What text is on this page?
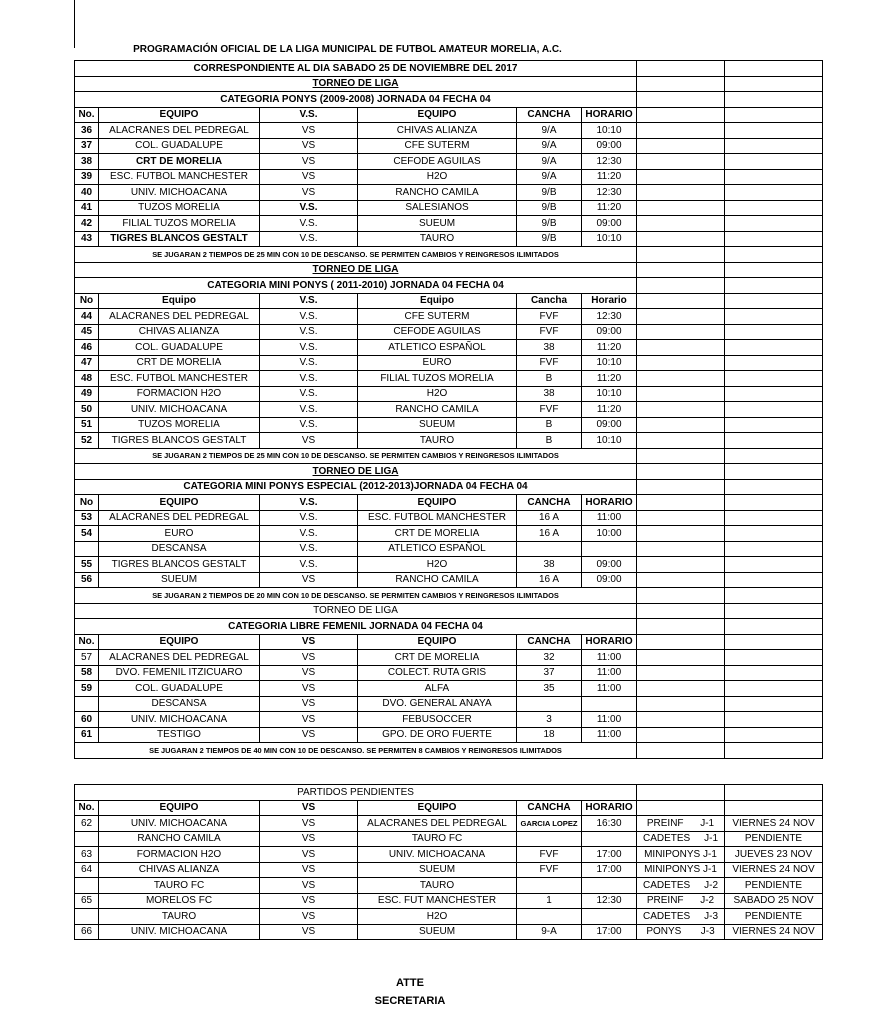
PROGRAMACIÓN OFICIAL DE LA LIGA MUNICIPAL DE FUTBOL AMATEUR MORELIA, A.C.
CORRESPONDIENTE AL DIA SABADO 25 DE NOVIEMBRE DEL 2017							
TORNEO DE LIGA							
CATEGORIA PONYS (2009-2008) JORNADA 04 FECHA 04							
No.	EQUIPO	V.S.	EQUIPO	CANCHA	HORARIO		
36	ALACRANES DEL PEDREGAL	VS	CHIVAS ALIANZA	9/A	10:10		
37	COL. GUADALUPE	VS	CFE SUTERM	9/A	09:00		
38	CRT DE MORELIA	VS	CEFODE AGUILAS	9/A	12:30		
39	ESC. FUTBOL MANCHESTER	VS	H2O	9/A	11:20		
40	UNIV. MICHOACANA	VS	RANCHO CAMILA	9/B	12:30		
41	TUZOS MORELIA	V.S.	SALESIANOS	9/B	11:20		
42	FILIAL TUZOS MORELIA	V.S.	SUEUM	9/B	09:00		
43	TIGRES BLANCOS GESTALT	V.S.	TAURO	9/B	10:10		
SE JUGARAN 2 TIEMPOS DE 25 MIN CON 10 DE DESCANSO. SE PERMITEN CAMBIOS Y REINGRESOS ILIMITADOS							
TORNEO DE LIGA							
CATEGORIA MINI PONYS ( 2011-2010) JORNADA 04 FECHA 04							
No	Equipo	V.S.	Equipo	Cancha	Horario		
44	ALACRANES DEL PEDREGAL	V.S.	CFE SUTERM	FVF	12:30		
45	CHIVAS ALIANZA	V.S.	CEFODE AGUILAS	FVF	09:00		
46	COL. GUADALUPE	V.S.	ATLETICO ESPAÑOL	38	11:20		
47	CRT DE MORELIA	V.S.	EURO	FVF	10:10		
48	ESC. FUTBOL MANCHESTER	V.S.	FILIAL TUZOS MORELIA	B	11:20		
49	FORMACION H2O	V.S.	H2O	38	10:10		
50	UNIV. MICHOACANA	V.S.	RANCHO CAMILA	FVF	11:20		
51	TUZOS MORELIA	V.S.	SUEUM	B	09:00		
52	TIGRES BLANCOS GESTALT	VS	TAURO	B	10:10		
SE JUGARAN 2 TIEMPOS DE 25 MIN CON 10 DE DESCANSO. SE PERMITEN CAMBIOS Y REINGRESOS ILIMITADOS							
TORNEO DE LIGA							
CATEGORIA MINI PONYS ESPECIAL (2012-2013)JORNADA 04 FECHA 04							
No	EQUIPO	V.S.	EQUIPO	CANCHA	HORARIO		
53	ALACRANES DEL PEDREGAL	V.S.	ESC. FUTBOL MANCHESTER	16 A	11:00		
54	EURO	V.S.	CRT DE MORELIA	16 A	10:00		
	DESCANSA	V.S.	ATLETICO ESPAÑOL				
55	TIGRES BLANCOS GESTALT	V.S.	H2O	38	09:00		
56	SUEUM	VS	RANCHO CAMILA	16 A	09:00		
SE JUGARAN 2 TIEMPOS DE 20 MIN CON 10 DE DESCANSO. SE PERMITEN CAMBIOS Y REINGRESOS ILIMITADOS							
TORNEO DE LIGA							
CATEGORIA LIBRE FEMENIL JORNADA 04 FECHA 04							
No.	EQUIPO	VS	EQUIPO	CANCHA	HORARIO		
57	ALACRANES DEL PEDREGAL	VS	CRT DE MORELIA	32	11:00		
58	DVO. FEMENIL ITZICUARO	VS	COLECT. RUTA GRIS	37	11:00		
59	COL. GUADALUPE	VS	ALFA	35	11:00		
	DESCANSA	VS	DVO. GENERAL ANAYA				
60	UNIV. MICHOACANA	VS	FEBUSOCCER	3	11:00		
61	TESTIGO	VS	GPO. DE ORO FUERTE	18	11:00		
SE JUGARAN 2 TIEMPOS DE 40 MIN CON 10 DE DESCANSO. SE PERMITEN 8 CAMBIOS Y REINGRESOS ILIMITADOS							
PARTIDOS PENDIENTES							
No.	EQUIPO	VS	EQUIPO	CANCHA	HORARIO		
62	UNIV. MICHOACANA	VS	ALACRANES DEL PEDREGAL	GARCIA LOPEZ	16:30	PREINF      J-1	VIERNES 24 NOV
	RANCHO CAMILA	VS	TAURO FC			CADETES     J-1	PENDIENTE
63	FORMACION H2O	VS	UNIV. MICHOACANA	FVF	17:00	MINIPONYS J-1	JUEVES 23 NOV
64	CHIVAS ALIANZA	VS	SUEUM	FVF	17:00	MINIPONYS J-1	VIERNES 24 NOV
	TAURO FC	VS	TAURO			CADETES     J-2	PENDIENTE
65	MORELOS FC	VS	ESC. FUT MANCHESTER	1	12:30	PREINF      J-2	SABADO 25 NOV
	TAURO	VS	H2O			CADETES     J-3	PENDIENTE
66	UNIV. MICHOACANA	VS	SUEUM	9-A	17:00	PONYS       J-3	VIERNES 24 NOV
ATTE
SECRETARIA
